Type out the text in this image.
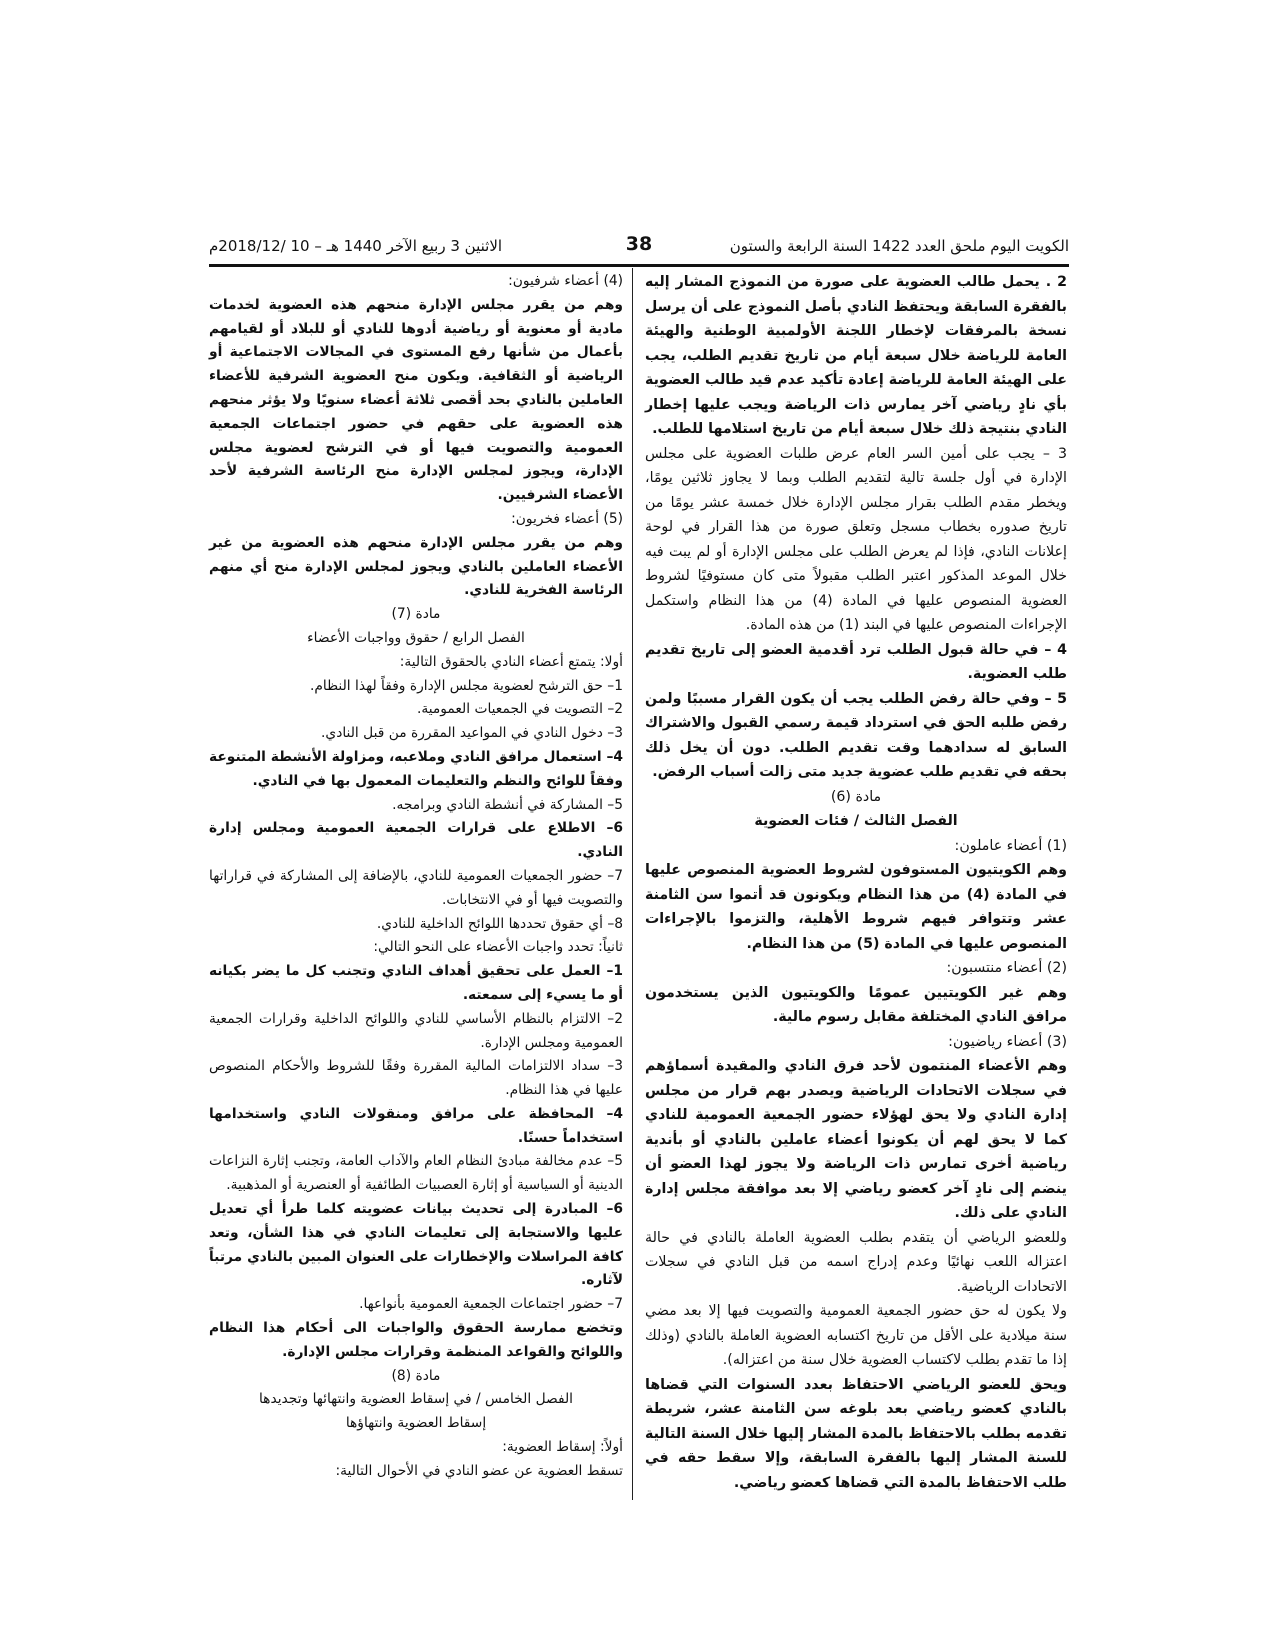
الكويت اليوم ملحق العدد 1422 السنة الرابعة والستون
38
الاثنين 3 ربيع الآخر 1440 هـ – 10 /2018/12م

2 . يحمل طالب العضوية على صورة من النموذج المشار إليه بالفقرة السابقة ويحتفظ النادي بأصل النموذج على أن يرسل نسخة بالمرفقات لإخطار اللجنة الأولمبية الوطنية والهيئة العامة للرياضة خلال سبعة أيام من تاريخ تقديم الطلب، يجب على الهيئة العامة للرياضة إعادة تأكيد عدم قيد طالب العضوية بأي نادٍ رياضي آخر يمارس ذات الرياضة ويجب عليها إخطار النادي بنتيجة ذلك خلال سبعة أيام من تاريخ استلامها للطلب.

3 – يجب على أمين السر العام عرض طلبات العضوية على مجلس الإدارة في أول جلسة تالية لتقديم الطلب وبما لا يجاوز ثلاثين يومًا، ويخطر مقدم الطلب بقرار مجلس الإدارة خلال خمسة عشر يومًا من تاريخ صدوره بخطاب مسجل وتعلق صورة من هذا القرار في لوحة إعلانات النادي، فإذا لم يعرض الطلب على مجلس الإدارة أو لم يبت فيه خلال الموعد المذكور اعتبر الطلب مقبولاً متى كان مستوفيًا لشروط العضوية المنصوص عليها في المادة (4) من هذا النظام واستكمل الإجراءات المنصوص عليها في البند (1) من هذه المادة.

4 – في حالة قبول الطلب ترد أقدمية العضو إلى تاريخ تقديم طلب العضوية.

5 – وفي حالة رفض الطلب يجب أن يكون القرار مسببًا ولمن رفض طلبه الحق في استرداد قيمة رسمي القبول والاشتراك السابق له سدادهما وقت تقديم الطلب. دون أن يخل ذلك بحقه في تقديم طلب عضوية جديد متى زالت أسباب الرفض.

مادة (6)

الفصل الثالث / فئات العضوية

(1) أعضاء عاملون:

وهم الكويتيون المستوفون لشروط العضوية المنصوص عليها في المادة (4) من هذا النظام ويكونون قد أتموا سن الثامنة عشر وتتوافر فيهم شروط الأهلية، والتزموا بالإجراءات المنصوص عليها في المادة (5) من هذا النظام.

(2) أعضاء منتسبون:

وهم غير الكويتيين عمومًا والكويتيون الذين يستخدمون مرافق النادي المختلفة مقابل رسوم مالية.

(3) أعضاء رياضيون:

وهم الأعضاء المنتمون لأحد فرق النادي والمقيدة أسماؤهم في سجلات الاتحادات الرياضية ويصدر بهم قرار من مجلس إدارة النادي ولا يحق لهؤلاء حضور الجمعية العمومية للنادي كما لا يحق لهم أن يكونوا أعضاء عاملين بالنادي أو بأندية رياضية أخرى تمارس ذات الرياضة ولا يجوز لهذا العضو أن ينضم إلى نادٍ آخر كعضو رياضي إلا بعد موافقة مجلس إدارة النادي على ذلك.

وللعضو الرياضي أن يتقدم بطلب العضوية العاملة بالنادي في حالة اعتزاله اللعب نهائيًا وعدم إدراج اسمه من قبل النادي في سجلات الاتحادات الرياضية.

ولا يكون له حق حضور الجمعية العمومية والتصويت فيها إلا بعد مضي سنة ميلادية على الأقل من تاريخ اكتسابه العضوية العاملة بالنادي (وذلك إذا ما تقدم بطلب لاكتساب العضوية خلال سنة من اعتزاله).

ويحق للعضو الرياضي الاحتفاظ بعدد السنوات التي قضاها بالنادي كعضو رياضي بعد بلوغه سن الثامنة عشر، شريطة تقدمه بطلب بالاحتفاظ بالمدة المشار إليها خلال السنة التالية للسنة المشار إليها بالفقرة السابقة، وإلا سقط حقه في طلب الاحتفاظ بالمدة التي قضاها كعضو رياضي.

(4) أعضاء شرفيون:

وهم من يقرر مجلس الإدارة منحهم هذه العضوية لخدمات مادية أو معنوية أو رياضية أدوها للنادي أو للبلاد أو لقيامهم بأعمال من شأنها رفع المستوى في المجالات الاجتماعية أو الرياضية أو الثقافية. ويكون منح العضوية الشرفية للأعضاء العاملين بالنادي بحد أقصى ثلاثة أعضاء سنويًا ولا يؤثر منحهم هذه العضوية على حقهم في حضور اجتماعات الجمعية العمومية والتصويت فيها أو في الترشح لعضوية مجلس الإدارة، ويجوز لمجلس الإدارة منح الرئاسة الشرفية لأحد الأعضاء الشرفيين.

(5) أعضاء فخريون:

وهم من يقرر مجلس الإدارة منحهم هذه العضوية من غير الأعضاء العاملين بالنادي ويجوز لمجلس الإدارة منح أي منهم الرئاسة الفخرية للنادي.

مادة (7)

الفصل الرابع / حقوق وواجبات الأعضاء

أولا: يتمتع أعضاء النادي بالحقوق التالية:

1– حق الترشح لعضوية مجلس الإدارة وفقاً لهذا النظام.

2– التصويت في الجمعيات العمومية.

3– دخول النادي في المواعيد المقررة من قبل النادي.

4– استعمال مرافق النادي وملاعبه، ومزاولة الأنشطة المتنوعة وفقاً للوائح والنظم والتعليمات المعمول بها في النادي.

5– المشاركة في أنشطة النادي وبرامجه.

6– الاطلاع على قرارات الجمعية العمومية ومجلس إدارة النادي.

7– حضور الجمعيات العمومية للنادي، بالإضافة إلى المشاركة في قراراتها والتصويت فيها أو في الانتخابات.

8– أي حقوق تحددها اللوائح الداخلية للنادي.

ثانياً: تحدد واجبات الأعضاء على النحو التالي:

1– العمل على تحقيق أهداف النادي وتجنب كل ما يضر بكيانه أو ما يسيء إلى سمعته.

2– الالتزام بالنظام الأساسي للنادي واللوائح الداخلية وقرارات الجمعية العمومية ومجلس الإدارة.

3– سداد الالتزامات المالية المقررة وفقًا للشروط والأحكام المنصوص عليها في هذا النظام.

4– المحافظة على مرافق ومنقولات النادي واستخدامها استخداماً حسنًا.

5– عدم مخالفة مبادئ النظام العام والآداب العامة، وتجنب إثارة النزاعات الدينية أو السياسية أو إثارة العصبيات الطائفية أو العنصرية أو المذهبية.

6– المبادرة إلى تحديث بيانات عضويته كلما طرأ أي تعديل عليها والاستجابة إلى تعليمات النادي في هذا الشأن، وتعد كافة المراسلات والإخطارات على العنوان المبين بالنادي مرتباً لآثاره.

7– حضور اجتماعات الجمعية العمومية بأنواعها.

وتخضع ممارسة الحقوق والواجبات الى أحكام هذا النظام واللوائح والقواعد المنظمة وقرارات مجلس الإدارة.

مادة (8)

الفصل الخامس / في إسقاط العضوية وانتهائها وتجديدها

إسقاط العضوية وانتهاؤها

أولاً: إسقاط العضوية:

تسقط العضوية عن عضو النادي في الأحوال التالية:
